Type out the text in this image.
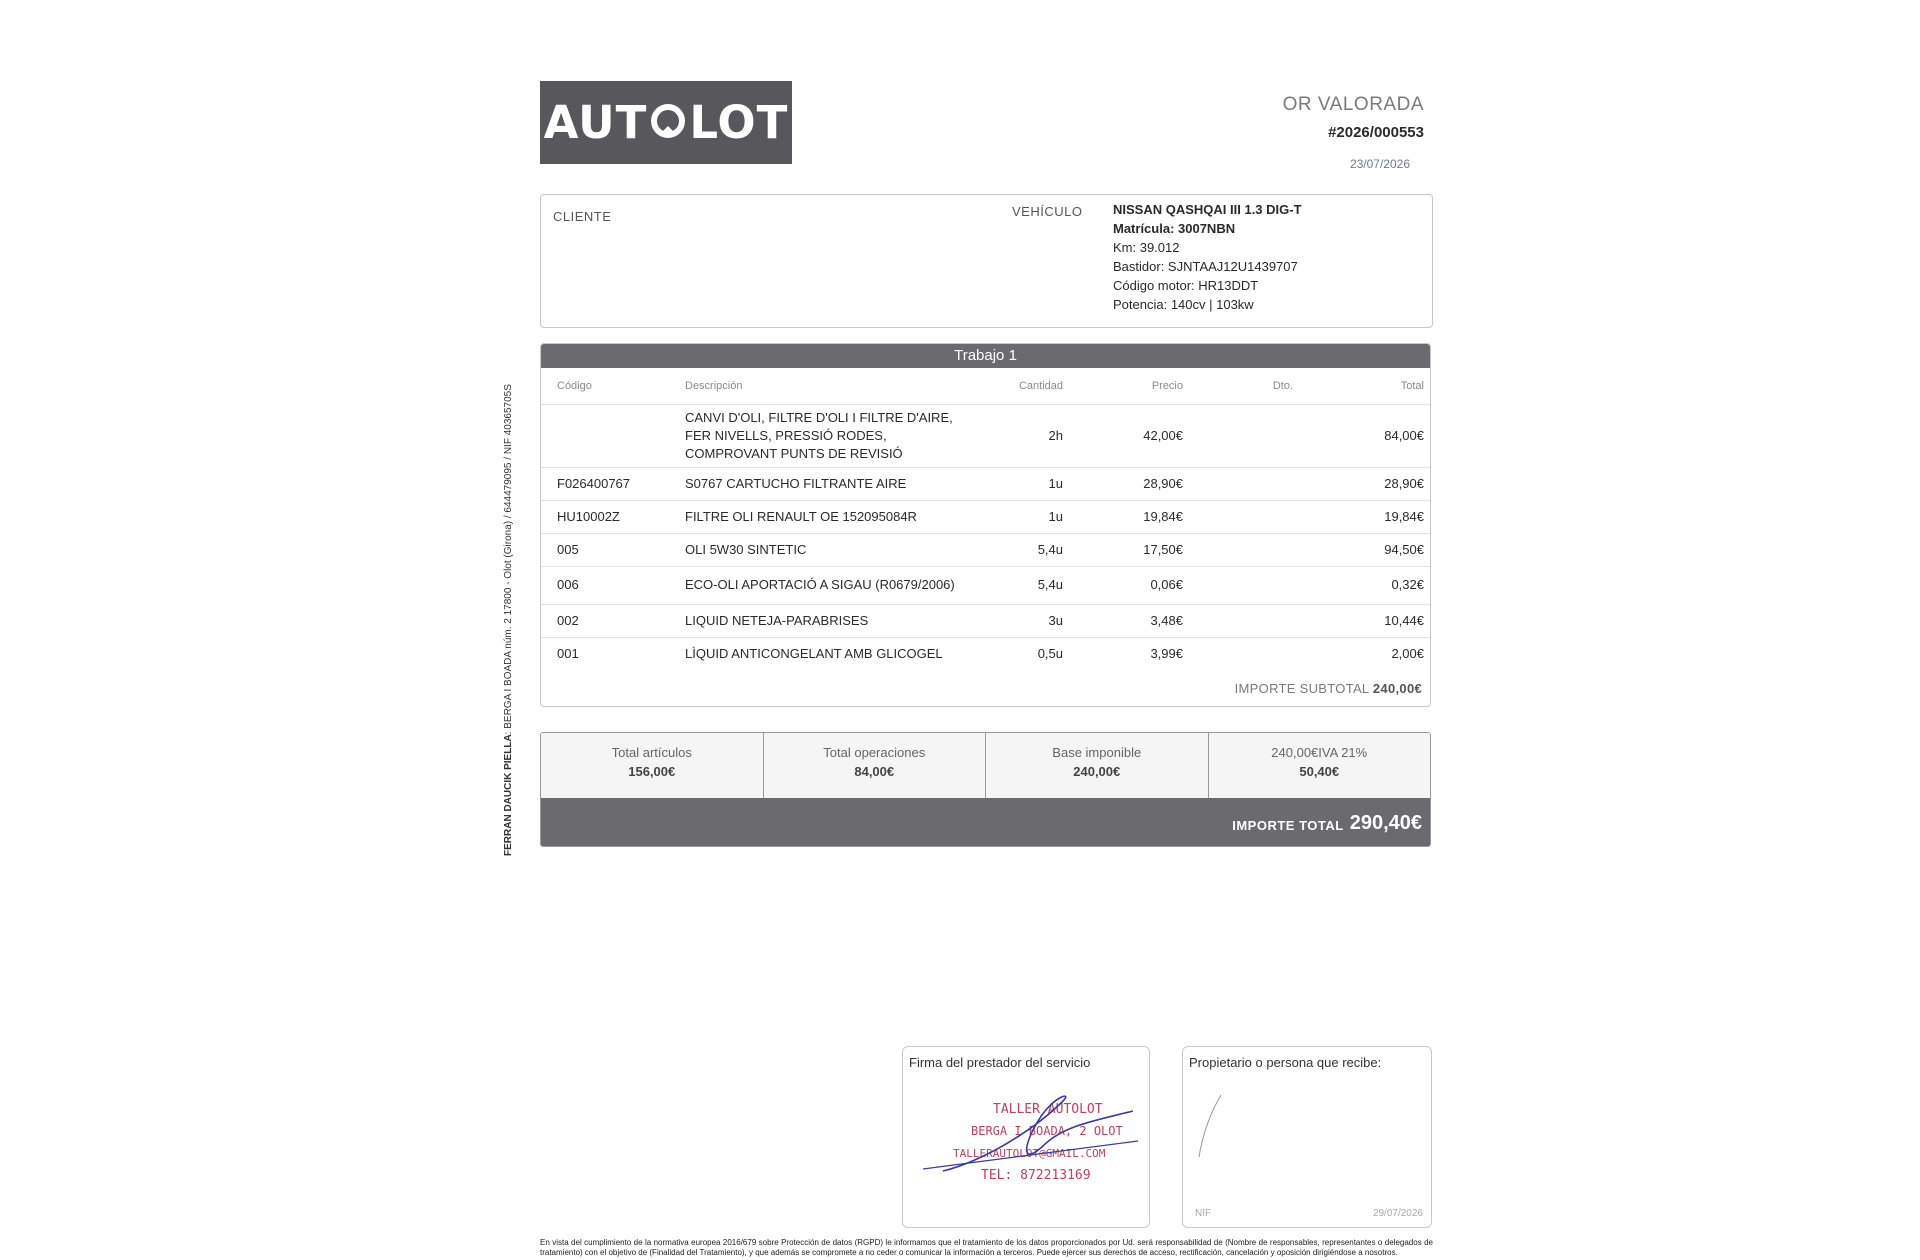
AUT LOT	OR VALORADA
#2026/000553
23/07/2026
FERRAN DAUCIK PIELLA: BERGA I BOADA núm. 2 17800 - Olot (Girona) / 644479095 / NIF 40365705S
CLIENTE	VEHÍCULO NISSAN QASHQAI III 1.3 DIG-T
Matrícula: 3007NBN
Km: 39.012
Bastidor: SJNTAAJ12U1439707
Código motor: HR13DDT
Potencia: 140cv | 103kw
Trabajo 1
Código	Descripción	Cantidad	Precio	Dto.	Total
	CANVI D'OLI, FILTRE D'OLI I FILTRE D'AIRE, FER NIVELLS, PRESSIÓ RODES, COMPROVANT PUNTS DE REVISIÓ	2h	42,00€		84,00€
F026400767	S0767 CARTUCHO FILTRANTE AIRE	1u	28,90€		28,90€
HU10002Z	FILTRE OLI RENAULT OE 152095084R	1u	19,84€		19,84€
005	OLI 5W30 SINTETIC	5,4u	17,50€		94,50€
006	ECO-OLI APORTACIÓ A SIGAU (R0679/2006)	5,4u	0,06€		0,32€
002	LIQUID NETEJA-PARABRISES	3u	3,48€		10,44€
001	LÌQUID ANTICONGELANT AMB GLICOGEL	0,5u	3,99€		2,00€
IMPORTE SUBTOTAL 240,00€
Total artículos
156,00€
Total operaciones
84,00€
Base imponible
240,00€
240,00€IVA 21%
50,40€
IMPORTE TOTAL 290,40€
Firma del prestador del servicio
TALLER AUTOLOT
BERGA I BOADA, 2 OLOT
TALLERAUTOLOT@GMAIL.COM
TEL: 872213169
Propietario o persona que recibe:
NIF	29/07/2026
En vista del cumplimiento de la normativa europea 2016/679 sobre Protección de datos (RGPD) le informamos que el tratamiento de los datos proporcionados por Ud. será responsabilidad de (Nombre de responsables, representantes o delegados de tratamiento) con el objetivo de (Finalidad del Tratamiento), y que además se compromete a no ceder o comunicar la información a terceros. Puede ejercer sus derechos de acceso, rectificación, cancelación y oposición dirigiéndose a nosotros.
